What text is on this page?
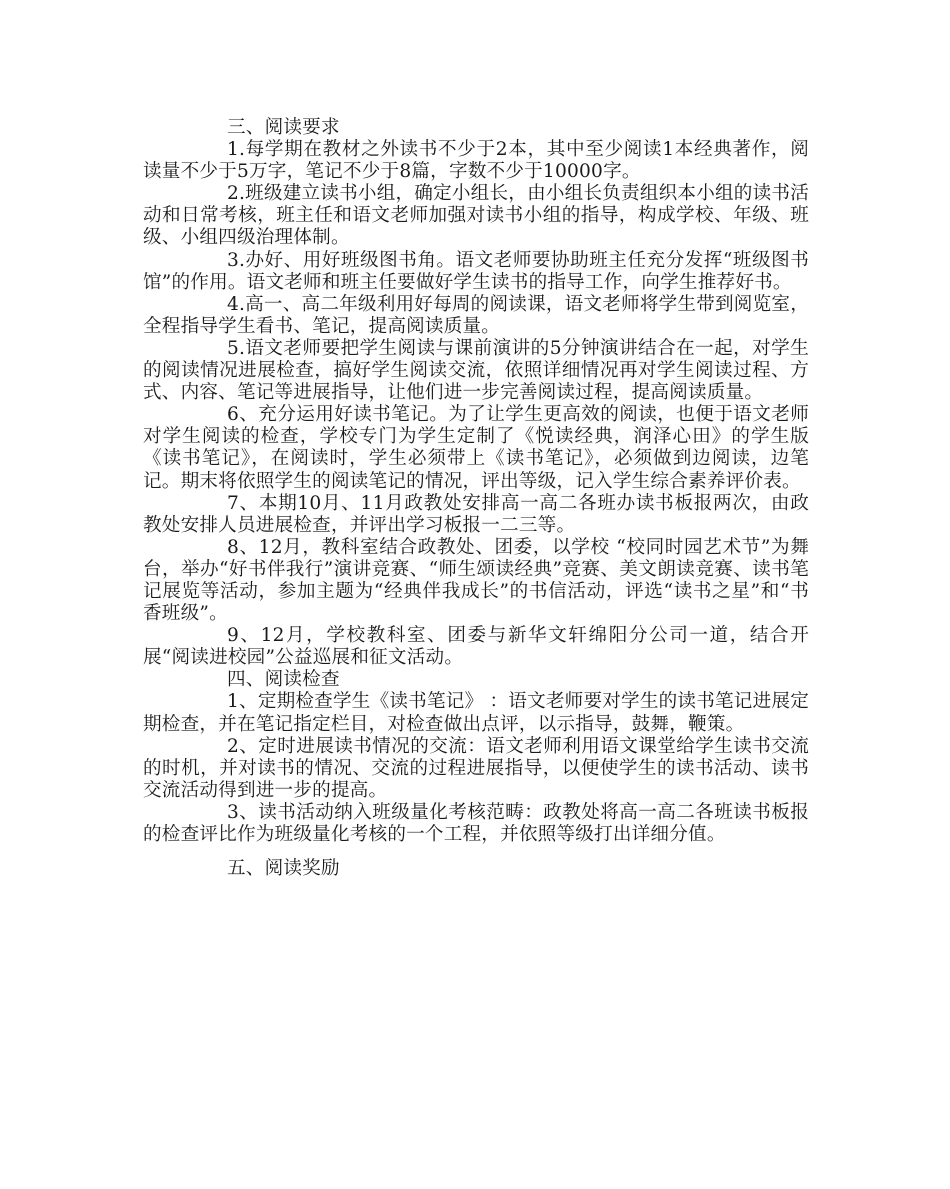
三、阅读要求

1.每学期在教材之外读书不少于2本，其中至少阅读1本经典著作，阅读量不少于5万字，笔记不少于8篇，字数不少于10000字。

2.班级建立读书小组，确定小组长，由小组长负责组织本小组的读书活动和日常考核，班主任和语文老师加强对读书小组的指导，构成学校、年级、班级、小组四级治理体制。

3.办好、用好班级图书角。语文老师要协助班主任充分发挥“班级图书馆”的作用。语文老师和班主任要做好学生读书的指导工作，向学生推荐好书。

4.高一、高二年级利用好每周的阅读课，语文老师将学生带到阅览室，全程指导学生看书、笔记，提高阅读质量。

5.语文老师要把学生阅读与课前演讲的5分钟演讲结合在一起，对学生的阅读情况进展检查，搞好学生阅读交流，依照详细情况再对学生阅读过程、方式、内容、笔记等进展指导，让他们进一步完善阅读过程，提高阅读质量。

6、充分运用好读书笔记。为了让学生更高效的阅读，也便于语文老师对学生阅读的检查，学校专门为学生定制了《悦读经典，润泽心田》的学生版《读书笔记》，在阅读时，学生必须带上《读书笔记》，必须做到边阅读，边笔记。期末将依照学生的阅读笔记的情况，评出等级，记入学生综合素养评价表。

7、本期10月、11月政教处安排高一高二各班办读书板报两次，由政教处安排人员进展检查，并评出学习板报一二三等。

8、12月，教科室结合政教处、团委，以学校 “校同时园艺术节”为舞台，举办“好书伴我行”演讲竞赛、“师生颂读经典”竞赛、美文朗读竞赛、读书笔记展览等活动，参加主题为“经典伴我成长”的书信活动，评选“读书之星”和“书香班级”。

9、12月，学校教科室、团委与新华文轩绵阳分公司一道，结合开展“阅读进校园”公益巡展和征文活动。

四、阅读检查

1、定期检查学生《读书笔记》 ：语文老师要对学生的读书笔记进展定期检查，并在笔记指定栏目，对检查做出点评，以示指导，鼓舞，鞭策。

2、定时进展读书情况的交流：语文老师利用语文课堂给学生读书交流的时机，并对读书的情况、交流的过程进展指导，以便使学生的读书活动、读书交流活动得到进一步的提高。

3、读书活动纳入班级量化考核范畴：政教处将高一高二各班读书板报的检查评比作为班级量化考核的一个工程，并依照等级打出详细分值。

五、阅读奖励
